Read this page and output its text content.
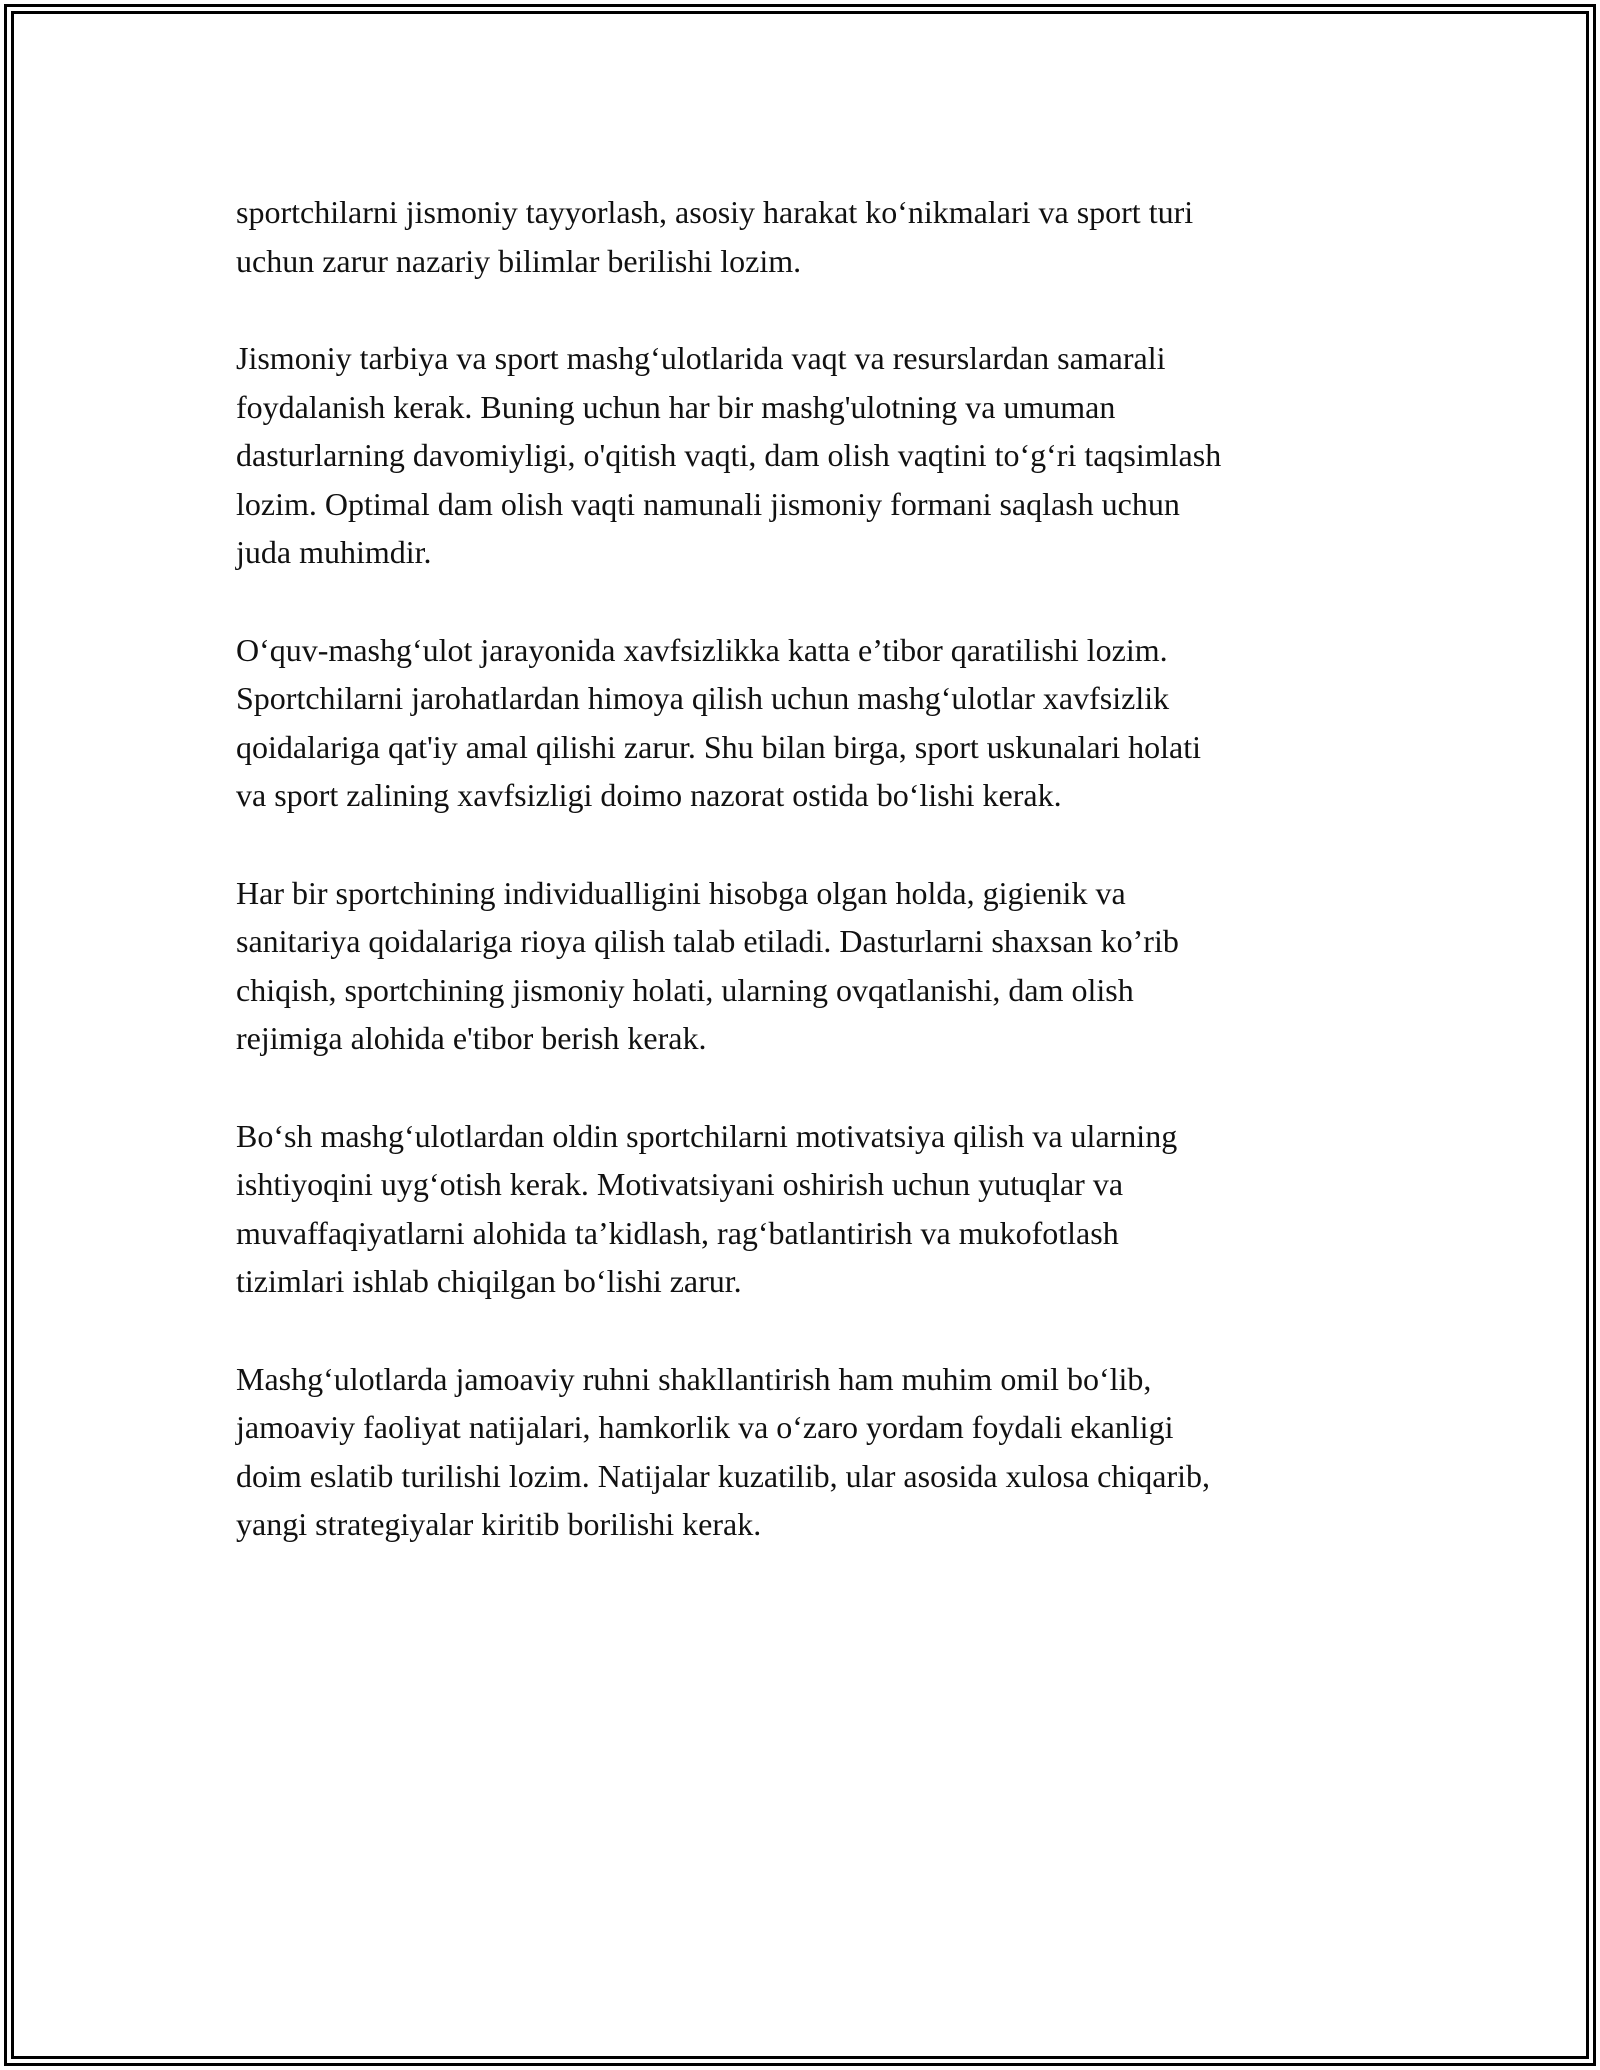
sportchilarni jismoniy tayyorlash, asosiy harakat ko‘nikmalari va sport turi
uchun zarur nazariy bilimlar berilishi lozim.

Jismoniy tarbiya va sport mashg‘ulotlarida vaqt va resurslardan samarali
foydalanish kerak. Buning uchun har bir mashg'ulotning va umuman
dasturlarning davomiyligi, o'qitish vaqti, dam olish vaqtini to‘g‘ri taqsimlash
lozim. Optimal dam olish vaqti namunali jismoniy formani saqlash uchun
juda muhimdir.

O‘quv-mashg‘ulot jarayonida xavfsizlikka katta e’tibor qaratilishi lozim.
Sportchilarni jarohatlardan himoya qilish uchun mashg‘ulotlar xavfsizlik
qoidalariga qat'iy amal qilishi zarur. Shu bilan birga, sport uskunalari holati
va sport zalining xavfsizligi doimo nazorat ostida bo‘lishi kerak.

Har bir sportchining individualligini hisobga olgan holda, gigienik va
sanitariya qoidalariga rioya qilish talab etiladi. Dasturlarni shaxsan ko’rib
chiqish, sportchining jismoniy holati, ularning ovqatlanishi, dam olish
rejimiga alohida e'tibor berish kerak.

Bo‘sh mashg‘ulotlardan oldin sportchilarni motivatsiya qilish va ularning
ishtiyoqini uyg‘otish kerak. Motivatsiyani oshirish uchun yutuqlar va
muvaffaqiyatlarni alohida ta’kidlash, rag‘batlantirish va mukofotlash
tizimlari ishlab chiqilgan bo‘lishi zarur.

Mashg‘ulotlarda jamoaviy ruhni shakllantirish ham muhim omil bo‘lib,
jamoaviy faoliyat natijalari, hamkorlik va o‘zaro yordam foydali ekanligi
doim eslatib turilishi lozim. Natijalar kuzatilib, ular asosida xulosa chiqarib,
yangi strategiyalar kiritib borilishi kerak.
